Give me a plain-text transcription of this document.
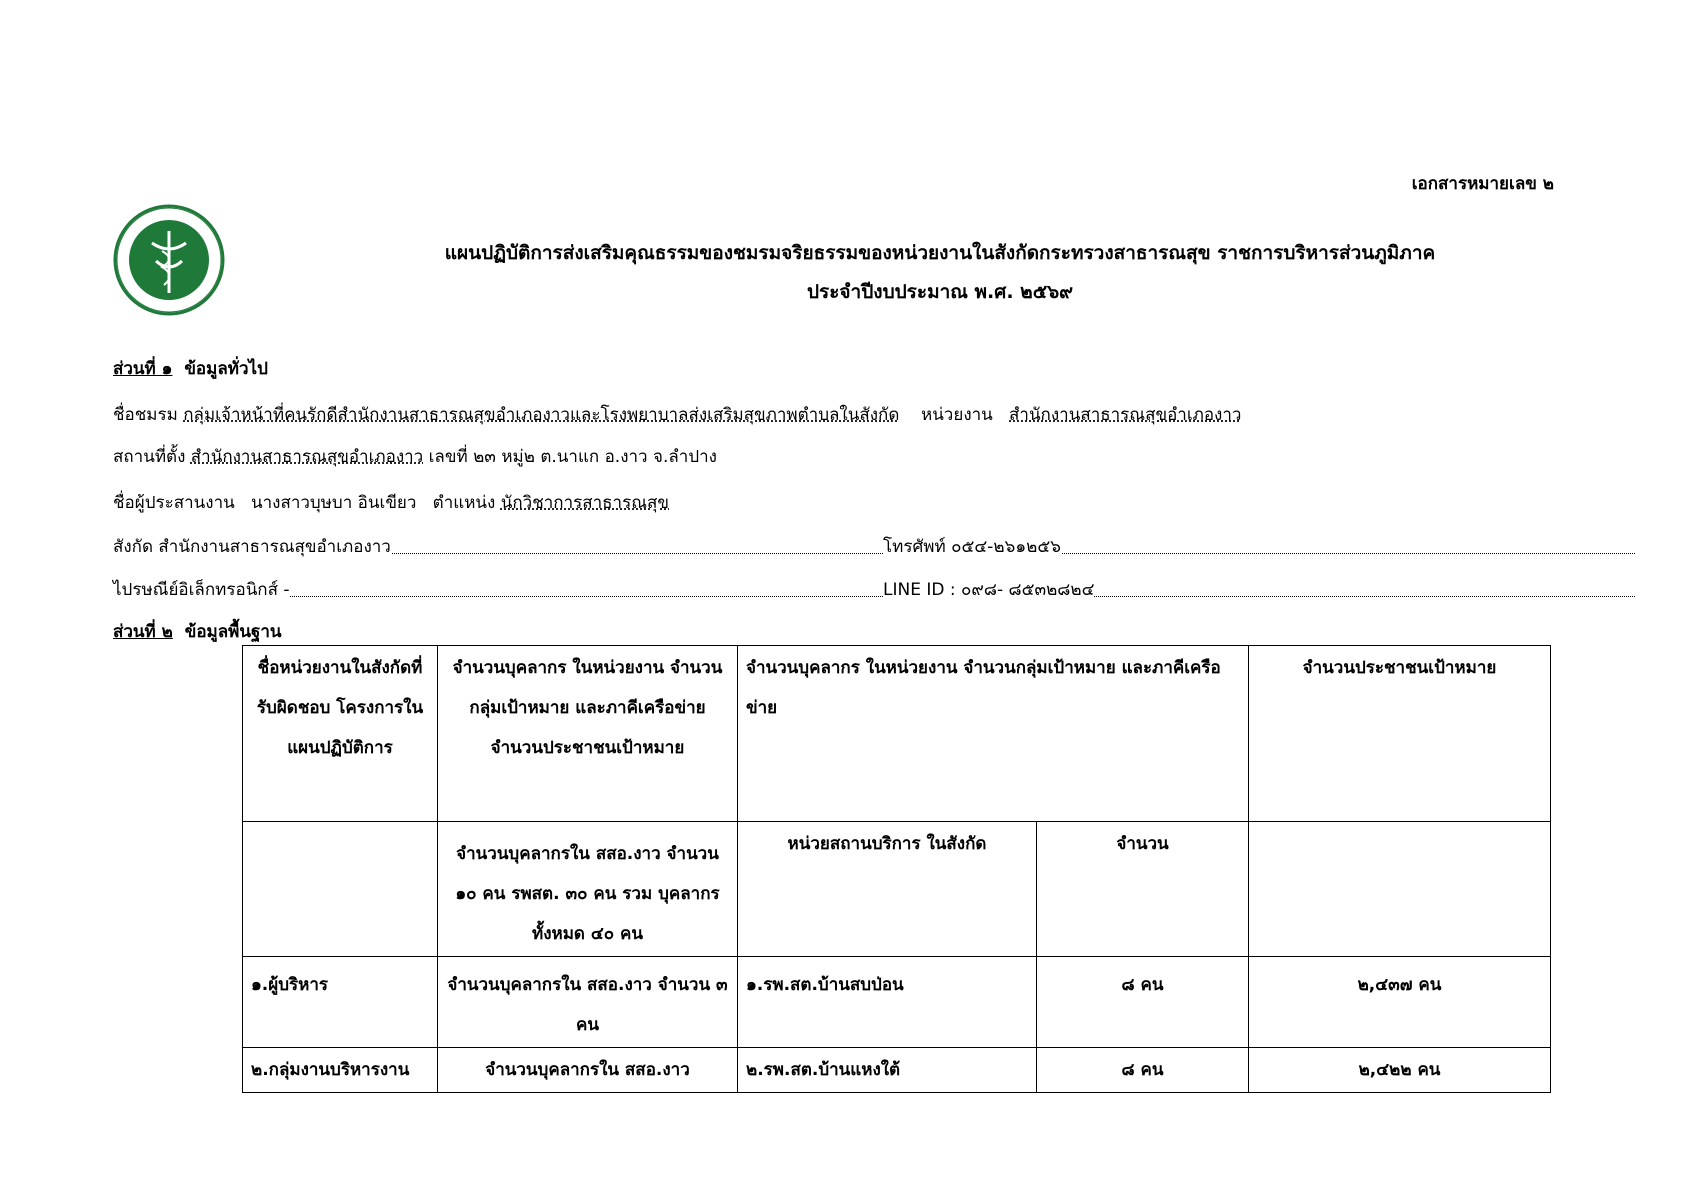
เอกสารหมายเลข ๒
แผนปฏิบัติการส่งเสริมคุณธรรมของชมรมจริยธรรมของหน่วยงานในสังกัดกระทรวงสาธารณสุข ราชการบริหารส่วนภูมิภาค
ประจำปีงบประมาณ พ.ศ. ๒๕๖๙
ส่วนที่ ๑ ข้อมูลทั่วไป
ชื่อชมรม กลุ่มเจ้าหน้าที่คนรักดีสำนักงานสาธารณสุขอำเภองาวและโรงพยาบาลส่งเสริมสุขภาพตำบลในสังกัด หน่วยงาน สำนักงานสาธารณสุขอำเภองาว
สถานที่ตั้ง สำนักงานสาธารณสุขอำเภองาว เลขที่ ๒๓ หมู่๒ ต.นาแก อ.งาว จ.ลำปาง
ชื่อผู้ประสานงาน นางสาวบุษบา อินเขียว ตำแหน่ง นักวิชาการสาธารณสุข
สังกัด สำนักงานสาธารณสุขอำเภองาว	โทรศัพท์ ๐๕๔-๒๖๑๒๕๖
ไปรษณีย์อิเล็กทรอนิกส์ -	LINE ID : ๐๙๘- ๘๕๓๒๘๒๔
ส่วนที่ ๒ ข้อมูลพื้นฐาน
ชื่อหน่วยงานในสังกัดที่รับผิดชอบ โครงการในแผนปฏิบัติการ	จำนวนบุคลากร ในหน่วยงาน จำนวนกลุ่มเป้าหมาย และภาคีเครือข่าย จำนวนประชาชนเป้าหมาย	จำนวนบุคลากร ในหน่วยงาน จำนวนกลุ่มเป้าหมาย และภาคีเครือข่าย		จำนวนประชาชนเป้าหมาย
	จำนวนบุคลากรใน สสอ.งาว จำนวน ๑๐ คน รพสต. ๓๐ คน รวม บุคลากร ทั้งหมด ๔๐ คน	หน่วยสถานบริการ ในสังกัด	จำนวน	
๑.ผู้บริหาร	จำนวนบุคลากรใน สสอ.งาว จำนวน ๓ คน	๑.รพ.สต.บ้านสบป่อน	๘ คน	๒,๔๓๗ คน
๒.กลุ่มงานบริหารงาน	จำนวนบุคลากรใน สสอ.งาว	๒.รพ.สต.บ้านแหงใต้	๘ คน	๒,๔๒๒ คน
